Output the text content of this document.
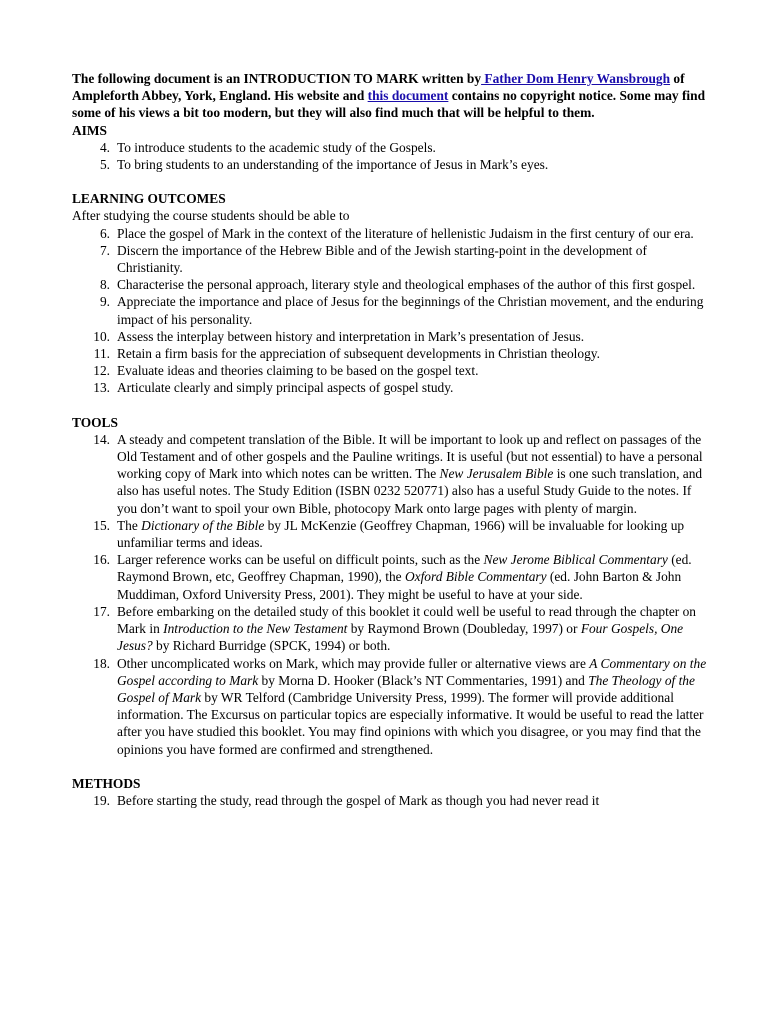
The following document is an INTRODUCTION TO MARK written by Father Dom Henry Wansbrough of Ampleforth Abbey, York, England. His website and this document contains no copyright notice. Some may find some of his views a bit too modern, but they will also find much that will be helpful to them.

AIMS

4. To introduce students to the academic study of the Gospels.
5. To bring students to an understanding of the importance of Jesus in Mark’s eyes.

LEARNING OUTCOMES

After studying the course students should be able to

6. Place the gospel of Mark in the context of the literature of hellenistic Judaism in the first century of our era.
7. Discern the importance of the Hebrew Bible and of the Jewish starting-point in the development of Christianity.
8. Characterise the personal approach, literary style and theological emphases of the author of this first gospel.
9. Appreciate the importance and place of Jesus for the beginnings of the Christian movement, and the enduring impact of his personality.
10. Assess the interplay between history and interpretation in Mark’s presentation of Jesus.
11. Retain a firm basis for the appreciation of subsequent developments in Christian theology.
12. Evaluate ideas and theories claiming to be based on the gospel text.
13. Articulate clearly and simply principal aspects of gospel study.

TOOLS

14. A steady and competent translation of the Bible. It will be important to look up and reflect on passages of the Old Testament and of other gospels and the Pauline writings. It is useful (but not essential) to have a personal working copy of Mark into which notes can be written. The New Jerusalem Bible is one such translation, and also has useful notes. The Study Edition (ISBN 0232 520771) also has a useful Study Guide to the notes. If you don’t want to spoil your own Bible, photocopy Mark onto large pages with plenty of margin.
15. The Dictionary of the Bible by JL McKenzie (Geoffrey Chapman, 1966) will be invaluable for looking up unfamiliar terms and ideas.
16. Larger reference works can be useful on difficult points, such as the New Jerome Biblical Commentary (ed. Raymond Brown, etc, Geoffrey Chapman, 1990), the Oxford Bible Commentary (ed. John Barton & John Muddiman, Oxford University Press, 2001). They might be useful to have at your side.
17. Before embarking on the detailed study of this booklet it could well be useful to read through the chapter on Mark in Introduction to the New Testament by Raymond Brown (Doubleday, 1997) or Four Gospels, One Jesus? by Richard Burridge (SPCK, 1994) or both.
18. Other uncomplicated works on Mark, which may provide fuller or alternative views are A Commentary on the Gospel according to Mark by Morna D. Hooker (Black’s NT Commentaries, 1991) and The Theology of the Gospel of Mark by WR Telford (Cambridge University Press, 1999). The former will provide additional information. The Excursus on particular topics are especially informative. It would be useful to read the latter after you have studied this booklet. You may find opinions with which you disagree, or you may find that the opinions you have formed are confirmed and strengthened.

METHODS

19. Before starting the study, read through the gospel of Mark as though you had never read it
